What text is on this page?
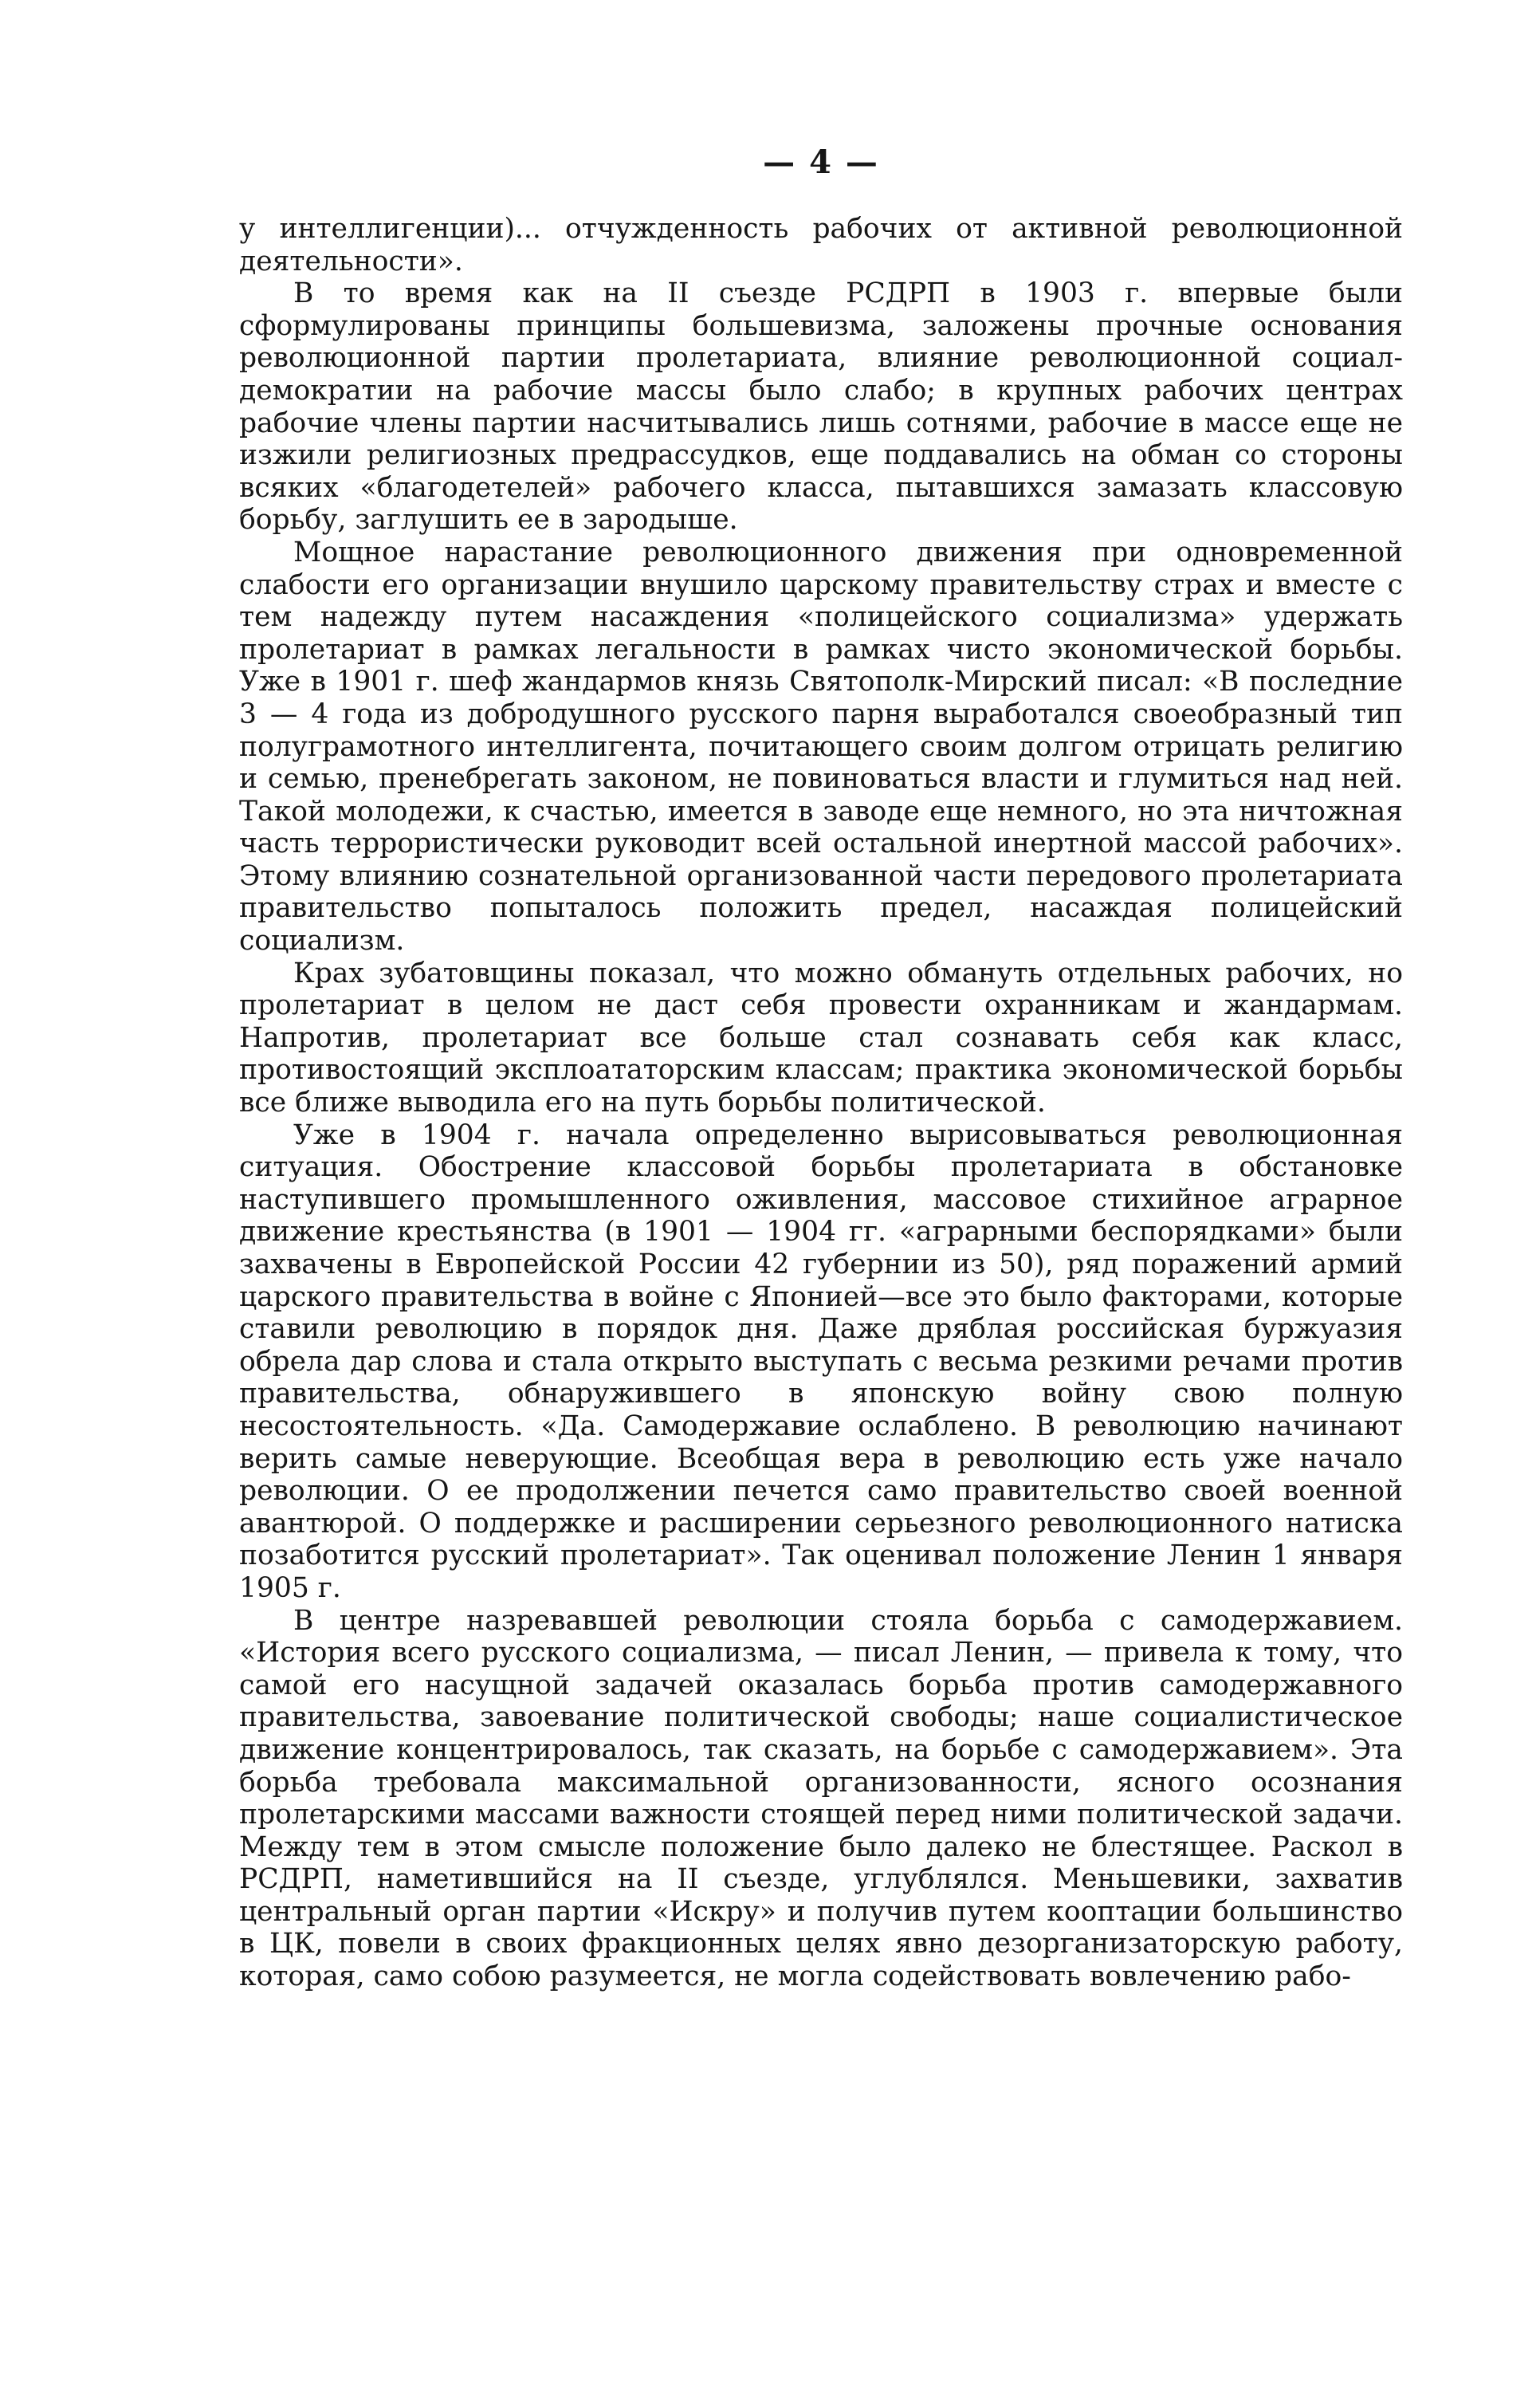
— 4 —

у интеллигенции)... отчужденность рабочих от активной революционной деятельности».

В то время как на II съезде РСДРП в 1903 г. впервые были сформулированы принципы большевизма, заложены прочные основания революционной партии пролетариата, влияние революционной социал-демократии на рабочие массы было слабо; в крупных рабочих центрах рабочие члены партии насчитывались лишь сотнями, рабочие в массе еще не изжили религиозных предрассудков, еще поддавались на обман со стороны всяких «благодетелей» рабочего класса, пытавшихся замазать классовую борьбу, заглушить ее в зародыше.

Мощное нарастание революционного движения при одновременной слабости его организации внушило царскому правительству страх и вместе с тем надежду путем насаждения «полицейского социализма» удержать пролетариат в рамках легальности в рамках чисто экономической борьбы. Уже в 1901 г. шеф жандармов князь Святополк-Мирский писал: «В последние 3 — 4 года из добродушного русского парня выработался своеобразный тип полуграмотного интеллигента, почитающего своим долгом отрицать религию и семью, пренебрегать законом, не повиноваться власти и глумиться над ней. Такой молодежи, к счастью, имеется в заводе еще немного, но эта ничтожная часть террористически руководит всей остальной инертной массой рабочих». Этому влиянию сознательной организованной части передового пролетариата правительство попыталось положить предел, насаждая полицейский социализм.

Крах зубатовщины показал, что можно обмануть отдельных рабочих, но пролетариат в целом не даст себя провести охранникам и жандармам. Напротив, пролетариат все больше стал сознавать себя как класс, противостоящий эксплоататорским классам; практика экономической борьбы все ближе выводила его на путь борьбы политической.

Уже в 1904 г. начала определенно вырисовываться революционная ситуация. Обострение классовой борьбы пролетариата в обстановке наступившего промышленного оживления, массовое стихийное аграрное движение крестьянства (в 1901 — 1904 гг. «аграрными беспорядками» были захвачены в Европейской России 42 губернии из 50), ряд поражений армий царского правительства в войне с Японией—все это было факторами, которые ставили революцию в порядок дня. Даже дряблая российская буржуазия обрела дар слова и стала открыто выступать с весьма резкими речами против правительства, обнаружившего в японскую войну свою полную несостоятельность. «Да. Самодержавие ослаблено. В революцию начинают верить самые неверующие. Всеобщая вера в революцию есть уже начало революции. О ее продолжении печется само правительство своей военной авантюрой. О поддержке и расширении серьезного революционного натиска позаботится русский пролетариат». Так оценивал положение Ленин 1 января 1905 г.

В центре назревавшей революции стояла борьба с самодержавием. «История всего русского социализма, — писал Ленин, — привела к тому, что самой его насущной задачей оказалась борьба против самодержавного правительства, завоевание политической свободы; наше социалистическое движение концентрировалось, так сказать, на борьбе с самодержавием». Эта борьба требовала максимальной организованности, ясного осознания пролетарскими массами важности стоящей перед ними политической задачи. Между тем в этом смысле положение было далеко не блестящее. Раскол в РСДРП, наметившийся на II съезде, углублялся. Меньшевики, захватив центральный орган партии «Искру» и получив путем кооптации большинство в ЦК, повели в своих фракционных целях явно дезорганизаторскую работу, которая, само собою разумеется, не могла содействовать вовлечению рабо-
